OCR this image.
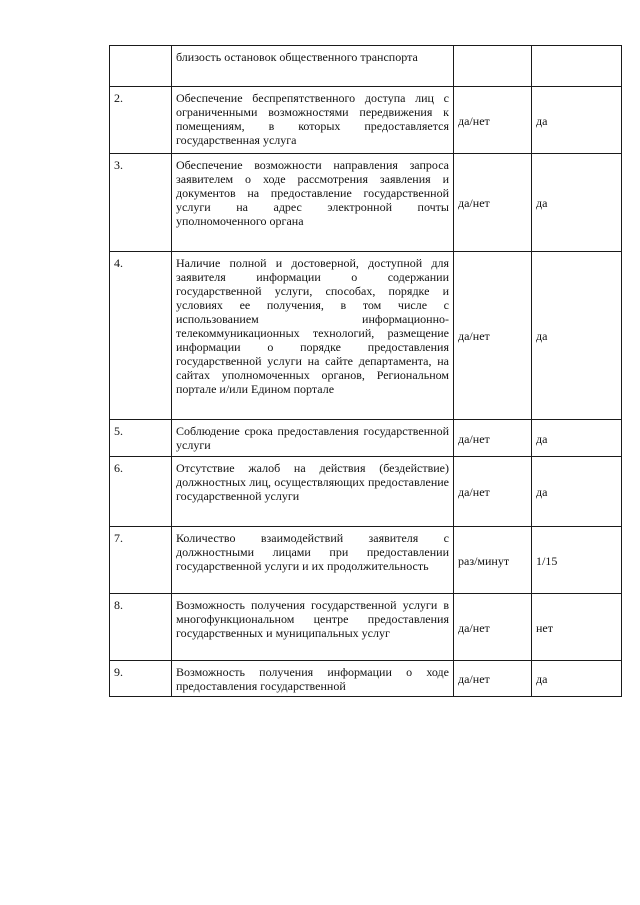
	близость остановок общественного транспорта		
2.	Обеспечение беспрепятственного доступа лиц с ограниченными возможностями передвижения к помещениям, в которых предоставляется государственная услуга	да/нет	да
3.	Обеспечение возможности направления запроса заявителем о ходе рассмотрения заявления и документов на предоставление государственной услуги на адрес электронной почты уполномоченного органа	да/нет	да
4.	Наличие полной и достоверной, доступной для заявителя информации о содержании государственной услуги, способах, порядке и условиях ее получения, в том числе с использованием информационно-телекоммуникационных технологий, размещение информации о порядке предоставления государственной услуги на сайте департамента, на сайтах уполномоченных органов, Региональном портале и/или Едином портале	да/нет	да
5.	Соблюдение срока предоставления государственной услуги	да/нет	да
6.	Отсутствие жалоб на действия (бездействие) должностных лиц, осуществляющих предоставление государственной услуги	да/нет	да
7.	Количество взаимодействий заявителя с должностными лицами при предоставлении государственной услуги и их продолжительность	раз/минут	1/15
8.	Возможность получения государственной услуги в многофункциональном центре предоставления государственных и муниципальных услуг	да/нет	нет
9.	Возможность получения информации о ходе предоставления государственной	да/нет	да
